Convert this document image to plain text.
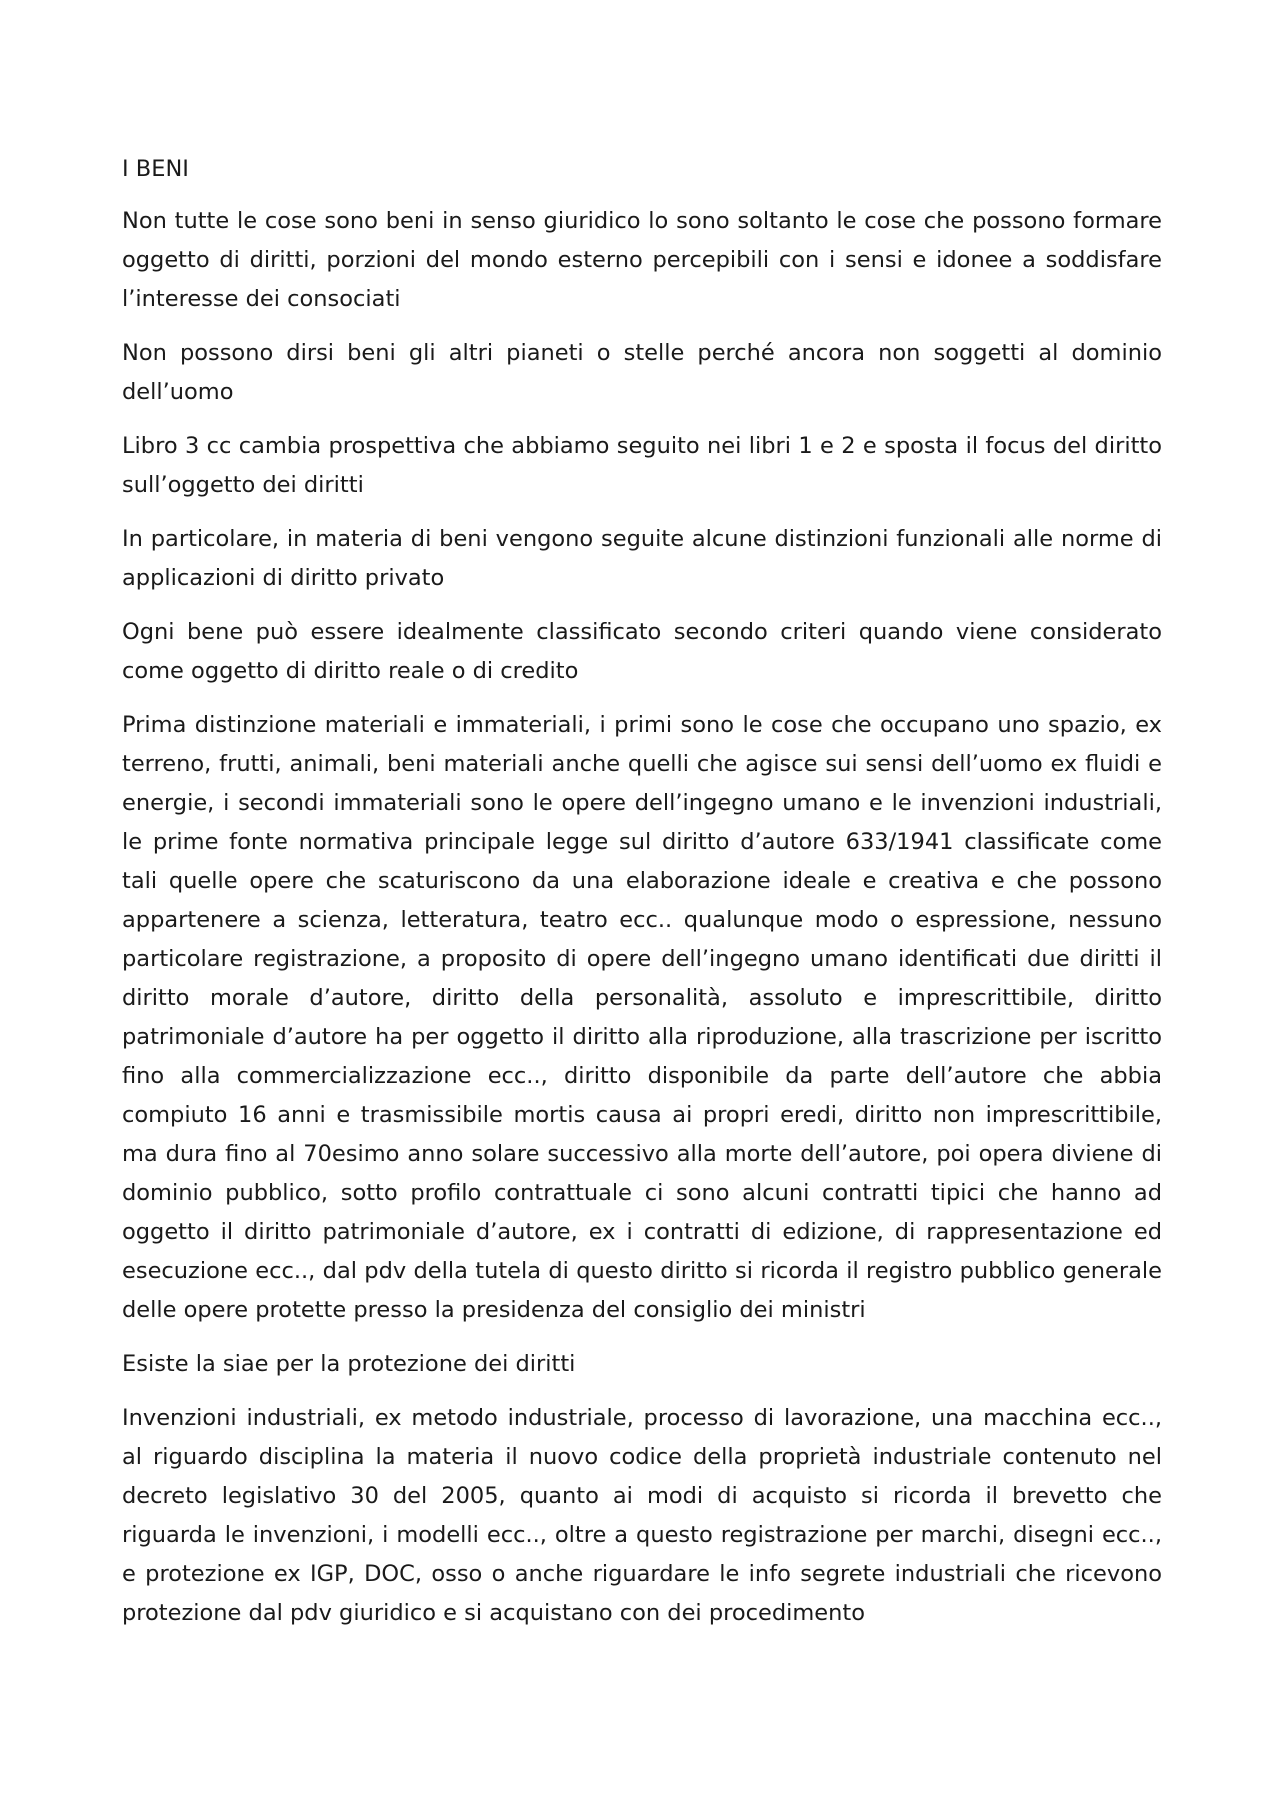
I BENI

Non tutte le cose sono beni in senso giuridico lo sono soltanto le cose che possono formare oggetto di diritti, porzioni del mondo esterno percepibili con i sensi e idonee a soddisfare l’interesse dei consociati

Non possono dirsi beni gli altri pianeti o stelle perché ancora non soggetti al dominio dell’uomo

Libro 3 cc cambia prospettiva che abbiamo seguito nei libri 1 e 2 e sposta il focus del diritto sull’oggetto dei diritti

In particolare, in materia di beni vengono seguite alcune distinzioni funzionali alle norme di applicazioni di diritto privato

Ogni bene può essere idealmente classificato secondo criteri quando viene considerato come oggetto di diritto reale o di credito

Prima distinzione materiali e immateriali, i primi sono le cose che occupano uno spazio, ex terreno, frutti, animali, beni materiali anche quelli che agisce sui sensi dell’uomo ex fluidi e energie, i secondi immateriali sono le opere dell’ingegno umano e le invenzioni industriali, le prime fonte normativa principale legge sul diritto d’autore 633/1941 classificate come tali quelle opere che scaturiscono da una elaborazione ideale e creativa e che possono appartenere a scienza, letteratura, teatro ecc.. qualunque modo o espressione, nessuno particolare registrazione, a proposito di opere dell’ingegno umano identificati due diritti il diritto morale d’autore, diritto della personalità, assoluto e imprescrittibile, diritto patrimoniale d’autore ha per oggetto il diritto alla riproduzione, alla trascrizione per iscritto fino alla commercializzazione ecc.., diritto disponibile da parte dell’autore che abbia compiuto 16 anni e trasmissibile mortis causa ai propri eredi, diritto non imprescrittibile, ma dura fino al 70esimo anno solare successivo alla morte dell’autore, poi opera diviene di dominio pubblico, sotto profilo contrattuale ci sono alcuni contratti tipici che hanno ad oggetto il diritto patrimoniale d’autore, ex i contratti di edizione, di rappresentazione ed esecuzione ecc.., dal pdv della tutela di questo diritto si ricorda il registro pubblico generale delle opere protette presso la presidenza del consiglio dei ministri

Esiste la siae per la protezione dei diritti

Invenzioni industriali, ex metodo industriale, processo di lavorazione, una macchina ecc.., al riguardo disciplina la materia il nuovo codice della proprietà industriale contenuto nel decreto legislativo 30 del 2005, quanto ai modi di acquisto si ricorda il brevetto che riguarda le invenzioni, i modelli ecc.., oltre a questo registrazione per marchi, disegni ecc.., e protezione ex IGP, DOC, osso o anche riguardare le info segrete industriali che ricevono protezione dal pdv giuridico e si acquistano con dei procedimento
